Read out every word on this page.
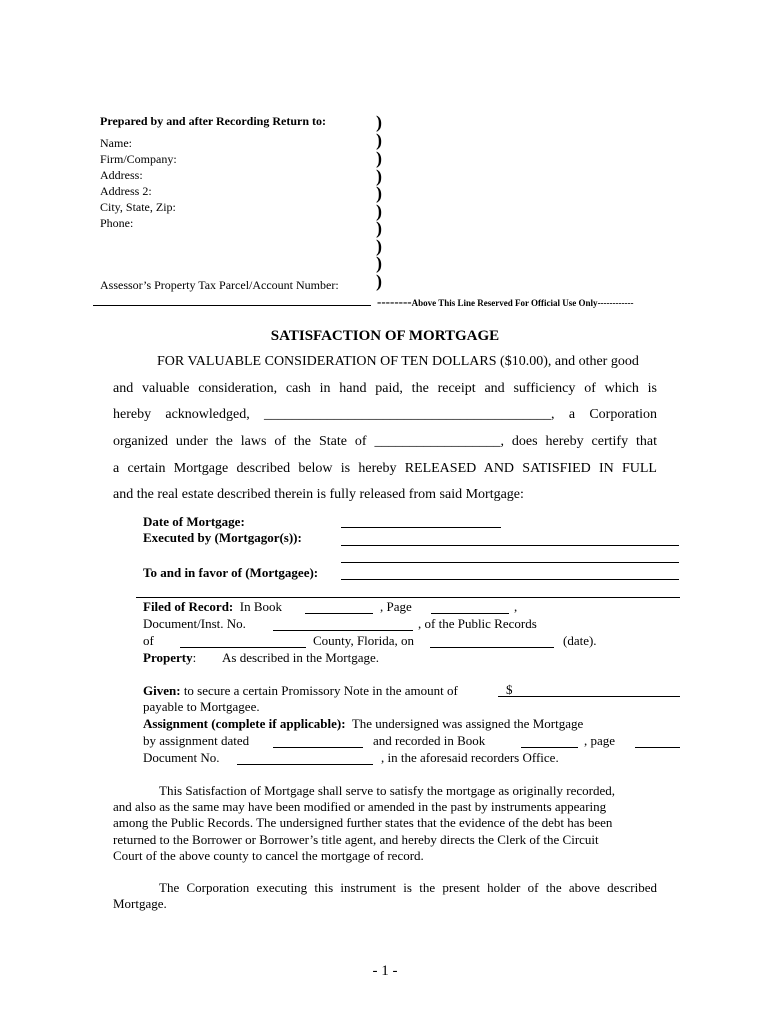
Prepared by and after Recording Return to:
Name:
Firm/Company:
Address:
Address 2:
City, State, Zip:
Phone:
Assessor’s Property Tax Parcel/Account Number:
)
)
)
)
)
)
)
)
)
)
--------Above This Line Reserved For Official Use Only------------
SATISFACTION OF MORTGAGE
FOR VALUABLE CONSIDERATION OF TEN DOLLARS ($10.00), and other good
and valuable consideration, cash in hand paid, the receipt and sufficiency of which is
hereby acknowledged, _________________________________________, a Corporation
organized under the laws of the State of __________________, does hereby certify that
a certain Mortgage described below is hereby RELEASED AND SATISFIED IN FULL
and the real estate described therein is fully released from said Mortgage:
Date of Mortgage:
Executed by (Mortgagor(s)):
To and in favor of (Mortgagee):
Filed of Record: In Book	, Page	,
Document/Inst. No.	, of the Public Records
of	County, Florida, on	(date).
Property: As described in the Mortgage.
Given: to secure a certain Promissory Note in the amount of	$
payable to Mortgagee.
Assignment (complete if applicable): The undersigned was assigned the Mortgage
by assignment dated	and recorded in Book	, page
Document No.	, in the aforesaid recorders Office.
This Satisfaction of Mortgage shall serve to satisfy the mortgage as originally recorded,
and also as the same may have been modified or amended in the past by instruments appearing
among the Public Records. The undersigned further states that the evidence of the debt has been
returned to the Borrower or Borrower’s title agent, and hereby directs the Clerk of the Circuit
Court of the above county to cancel the mortgage of record.
The Corporation executing this instrument is the present holder of the above described
Mortgage.
- 1 -
